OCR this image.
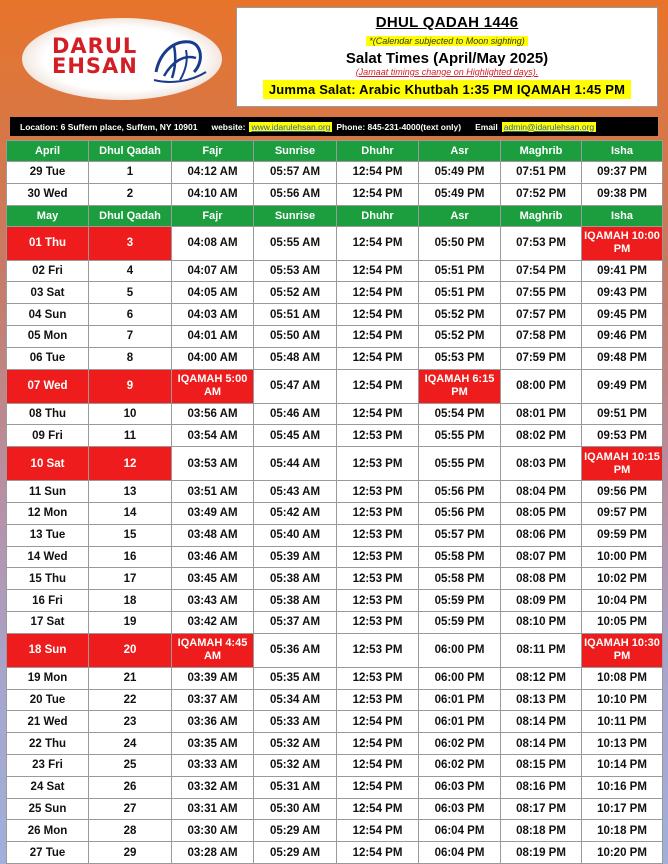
DARUL
EHSAN
DHUL QADAH 1446
*(Calendar subjected to Moon sighting)
Salat Times (April/May 2025)
(Jamaat timings change on Highlighted days).
Jumma Salat: Arabic Khutbah 1:35 PM IQAMAH 1:45 PM
Location: 6 Suffern place, Suffem, NY 10901 website: www.idarulehsan.org Phone: 845-231-4000(text only) Email admin@idarulehsan.org
April	Dhul Qadah	Fajr	Sunrise	Dhuhr	Asr	Maghrib	Isha
29 Tue	1	04:12 AM	05:57 AM	12:54 PM	05:49 PM	07:51 PM	09:37 PM
30 Wed	2	04:10 AM	05:56 AM	12:54 PM	05:49 PM	07:52 PM	09:38 PM
May	Dhul Qadah	Fajr	Sunrise	Dhuhr	Asr	Maghrib	Isha
01 Thu	3	04:08 AM	05:55 AM	12:54 PM	05:50 PM	07:53 PM	IQAMAH 10:00 PM
02 Fri	4	04:07 AM	05:53 AM	12:54 PM	05:51 PM	07:54 PM	09:41 PM
03 Sat	5	04:05 AM	05:52 AM	12:54 PM	05:51 PM	07:55 PM	09:43 PM
04 Sun	6	04:03 AM	05:51 AM	12:54 PM	05:52 PM	07:57 PM	09:45 PM
05 Mon	7	04:01 AM	05:50 AM	12:54 PM	05:52 PM	07:58 PM	09:46 PM
06 Tue	8	04:00 AM	05:48 AM	12:54 PM	05:53 PM	07:59 PM	09:48 PM
07 Wed	9	IQAMAH 5:00 AM	05:47 AM	12:54 PM	IQAMAH 6:15 PM	08:00 PM	09:49 PM
08 Thu	10	03:56 AM	05:46 AM	12:54 PM	05:54 PM	08:01 PM	09:51 PM
09 Fri	11	03:54 AM	05:45 AM	12:53 PM	05:55 PM	08:02 PM	09:53 PM
10 Sat	12	03:53 AM	05:44 AM	12:53 PM	05:55 PM	08:03 PM	IQAMAH 10:15 PM
11 Sun	13	03:51 AM	05:43 AM	12:53 PM	05:56 PM	08:04 PM	09:56 PM
12 Mon	14	03:49 AM	05:42 AM	12:53 PM	05:56 PM	08:05 PM	09:57 PM
13 Tue	15	03:48 AM	05:40 AM	12:53 PM	05:57 PM	08:06 PM	09:59 PM
14 Wed	16	03:46 AM	05:39 AM	12:53 PM	05:58 PM	08:07 PM	10:00 PM
15 Thu	17	03:45 AM	05:38 AM	12:53 PM	05:58 PM	08:08 PM	10:02 PM
16 Fri	18	03:43 AM	05:38 AM	12:53 PM	05:59 PM	08:09 PM	10:04 PM
17 Sat	19	03:42 AM	05:37 AM	12:53 PM	05:59 PM	08:10 PM	10:05 PM
18 Sun	20	IQAMAH 4:45 AM	05:36 AM	12:53 PM	06:00 PM	08:11 PM	IQAMAH 10:30 PM
19 Mon	21	03:39 AM	05:35 AM	12:53 PM	06:00 PM	08:12 PM	10:08 PM
20 Tue	22	03:37 AM	05:34 AM	12:53 PM	06:01 PM	08:13 PM	10:10 PM
21 Wed	23	03:36 AM	05:33 AM	12:54 PM	06:01 PM	08:14 PM	10:11 PM
22 Thu	24	03:35 AM	05:32 AM	12:54 PM	06:02 PM	08:14 PM	10:13 PM
23 Fri	25	03:33 AM	05:32 AM	12:54 PM	06:02 PM	08:15 PM	10:14 PM
24 Sat	26	03:32 AM	05:31 AM	12:54 PM	06:03 PM	08:16 PM	10:16 PM
25 Sun	27	03:31 AM	05:30 AM	12:54 PM	06:03 PM	08:17 PM	10:17 PM
26 Mon	28	03:30 AM	05:29 AM	12:54 PM	06:04 PM	08:18 PM	10:18 PM
27 Tue	29	03:28 AM	05:29 AM	12:54 PM	06:04 PM	08:19 PM	10:20 PM
